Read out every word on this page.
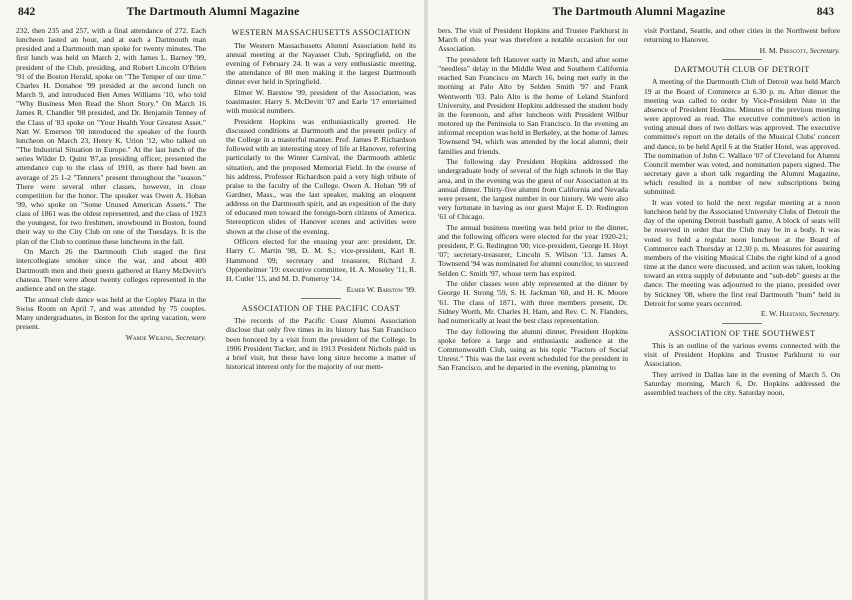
842	The Dartmouth Alumni Magazine

232, then 235 and 257, with a final attendance of 272. Each luncheon lasted an hour, and at each a Dartmouth man presided and a Dartmouth man spoke for twenty minutes. The first lunch was held on March 2, with James L. Barney '99, president of the Club, presiding, and Robert Lincoln O'Brien '91 of the Boston Herald, spoke on "The Temper of our time." Charles H. Donahoe '99 presided at the second lunch on March 9, and introduced Ben Ames Williams '10, who told "Why Business Men Read the Short Story." On March 16 James R. Chandler '98 presided, and Dr. Benjamin Tenney of the Class of '83 spoke on "Your Health Your Greatest Asset." Natt W. Emerson '00 introduced the speaker of the fourth luncheon on March 23, Henry K. Urion '12, who talked on "The Industrial Situation in Europe." At the last lunch of the series Wilder D. Quint '87,as presiding officer, presented the attendance cup to the class of 1910, as there had been an average of 25 1-2 "Tenners" present throughout the "season." There were several other classes, however, in close competition for the honor. The speaker was Owen A. Hoban '99, who spoke on "Some Unused American Assets." The class of 1861 was the oldest represented, and the class of 1923 the youngest, for two freshmen, snowbound in Boston, found their way to the City Club on one of the Tuesdays. It is the plan of the Club to continue these luncheons in the fall.

On March 26 the Dartmouth Club staged the first intercollegiate smoker since the war, and about 400 Dartmouth men and their guests gathered at Harry McDevitt's chateau. There were about twenty colleges represented in the audience and on the stage.

The annual club dance was held at the Copley Plaza in the Swiss Room on April 7, and was attended by 75 couples. Many undergraduates, in Boston for the spring vacation, were present.

Warde Wilkins, Secretary.
WESTERN MASSACHUSETTS ASSOCIATION

The Western Massachusetts Alumni Association held its annual meeting at the Nayasset Club, Springfield, on the evening of February 24. It was a very enthusiastic meeting, the attendance of 80 men making it the largest Dartmouth dinner ever held in Springfield.

Elmer W. Barstow '99, president of the Association, was toastmaster. Harry S. McDevitt '07 and Earle '17 entertained with musical numbers.

President Hopkins was enthusiastically greeted. He discussed conditions at Dartmouth and the present policy of the College in a masterful manner. Prof. James P. Richardson followed with an interesting story of life at Hanover, referring particularly to the Winter Carnival, the Dartmouth athletic situation, and the proposed Memorial Field. In the course of his address, Professor Richardson paid a very high tribute of praise to the faculty of the College. Owen A. Hoban '99 of Gardner, Mass., was the last speaker, making an eloquent address on the Dartmouth spirit, and an exposition of the duty of educated men toward the foreign-born citizens of America. Stereopticon slides of Hanover scenes and activities were shown at the close of the evening.

Officers elected for the ensuing year are: president, Dr. Harry C. Martin '98, D. M. S.; vice-president, Karl R. Hammond '09; secretary and treasurer, Richard J. Oppenheimer '19: executive committee, H. A. Moseley '11, R. H. Cutler '15, and M. D. Pomeroy '14.

Elmer W. Barstow '99.
ASSOCIATION OF THE PACIFIC COAST

The records of the Pacific Coast Alumni Association disclose that only five times in its history has San Francisco been honored by a visit from the president of the College. In 1906 President Tucker, and in 1913 President Nichols paid us a brief visit, but these have long since become a matter of historical interest only for the majority of our mem-

The Dartmouth Alumni Magazine	843

bers. The visit of President Hopkins and Trustee Parkhurst in March of this year was therefore a notable occasion for our Association.

The president left Hanover early in March, and after some "needless" delay in the Middle West and Southern California reached San Francisco on March 16, being met early in the morning at Palo Alto by Selden Smith '97 and Frank Wentworth '03. Palo Alto is the home of Leland Stanford University, and President Hopkins addressed the student body in the forenoon, and after luncheon with President Wilbur motored up the Peninsula to San Francisco. In the evening an informal reception was held in Berkeley, at the home of James Townsend '94, which was attended by the local alumni, their families and friends.

The following day President Hopkins addressed the undergraduate body of several of the high schools in the Bay area, and in the evening was the guest of our Association at its annual dinner. Thirty-five alumni from California and Nevada were present, the largest number in our history. We were also very fortunate in having as our guest Major E. D. Redington '61 of Chicago.

The annual business meeting was held prior to the dinner, and the following officers were elected for the year 1920-21; president, P. G. Redington '00; vice-president, George H. Hoyt '07; secretary-treasurer, Lincoln S. Wilson '13. James A. Townsend '94 was nominated for alumni councilor, to succeed Selden C. Smith '97, whose term has expired.

The older classes were ably represented at the dinner by George H. Strong '59, S. H. Jackman '60, and H. K. Moore '61. The class of 1871, with three members present, Dr. Sidney Worth, Mr. Charles H. Ham, and Rev. C. N. Flanders, had numerically at least the best class representation.

The day following the alumni dinner, President Hopkins spoke before a large and enthusiastic audience at the Commonwealth Club, using as his topic "Factors of Social Unrest." This was the last event scheduled for the president in San Francisco, and he departed in the evening, planning to

visit Portland, Seattle, and other cities in the Northwest before returning to Hanover.

H. M. Prescott, Secretary.
DARTMOUTH CLUB OF DETROIT

A meeting of the Dartmouth Club of Detroit was held March 19 at the Board of Commerce at 6.30 p. m. After dinner the meeting was called to order by Vice-President Nute in the absence of President Hoskins. Minutes of the previous meeting were approved as read. The executive committee's action in voting annual dues of two dollars was approved. The executive committee's report on the details of the Musical Clubs' concert and dance, to be held April 6 at the Statler Hotel, was approved. The nomination of John C. Wallace '07 of Cleveland for Alumni Council member was voted, and nomination papers signed. The secretary gave a short talk regarding the Alumni Magazine, which resulted in a number of new subscriptions being submitted.

It was voted to hold the next regular meeting at a noon luncheon held by the Associated University Clubs of Detroit the day of the opening Detroit baseball game. A block of seats will be reserved in order that the Club may be in a body. It was voted to hold a regular noon luncheon at the Board of Commerce each Thursday at 12.30 p. m. Measures for assuring members of the visiting Musical Clubs the right kind of a good time at the dance were discussed, and action was taken, looking toward an extra supply of debutante and "sub-deb" guests at the dance. The meeting was adjourned to the piano, presided over by Stickney '08, where the first real Dartmouth "hum" held in Detroit for some years occurred.

E. W. Hiestand, Secretary.
ASSOCIATION OF THE SOUTHWEST

This is an outline of the various events connected with the visit of President Hopkins and Trustee Parkhurst to our Association.

They arrived in Dallas late in the evening of March 5. On Saturday morning, March 6, Dr. Hopkins addressed the assembled teachers of the city. Saturday noon,
